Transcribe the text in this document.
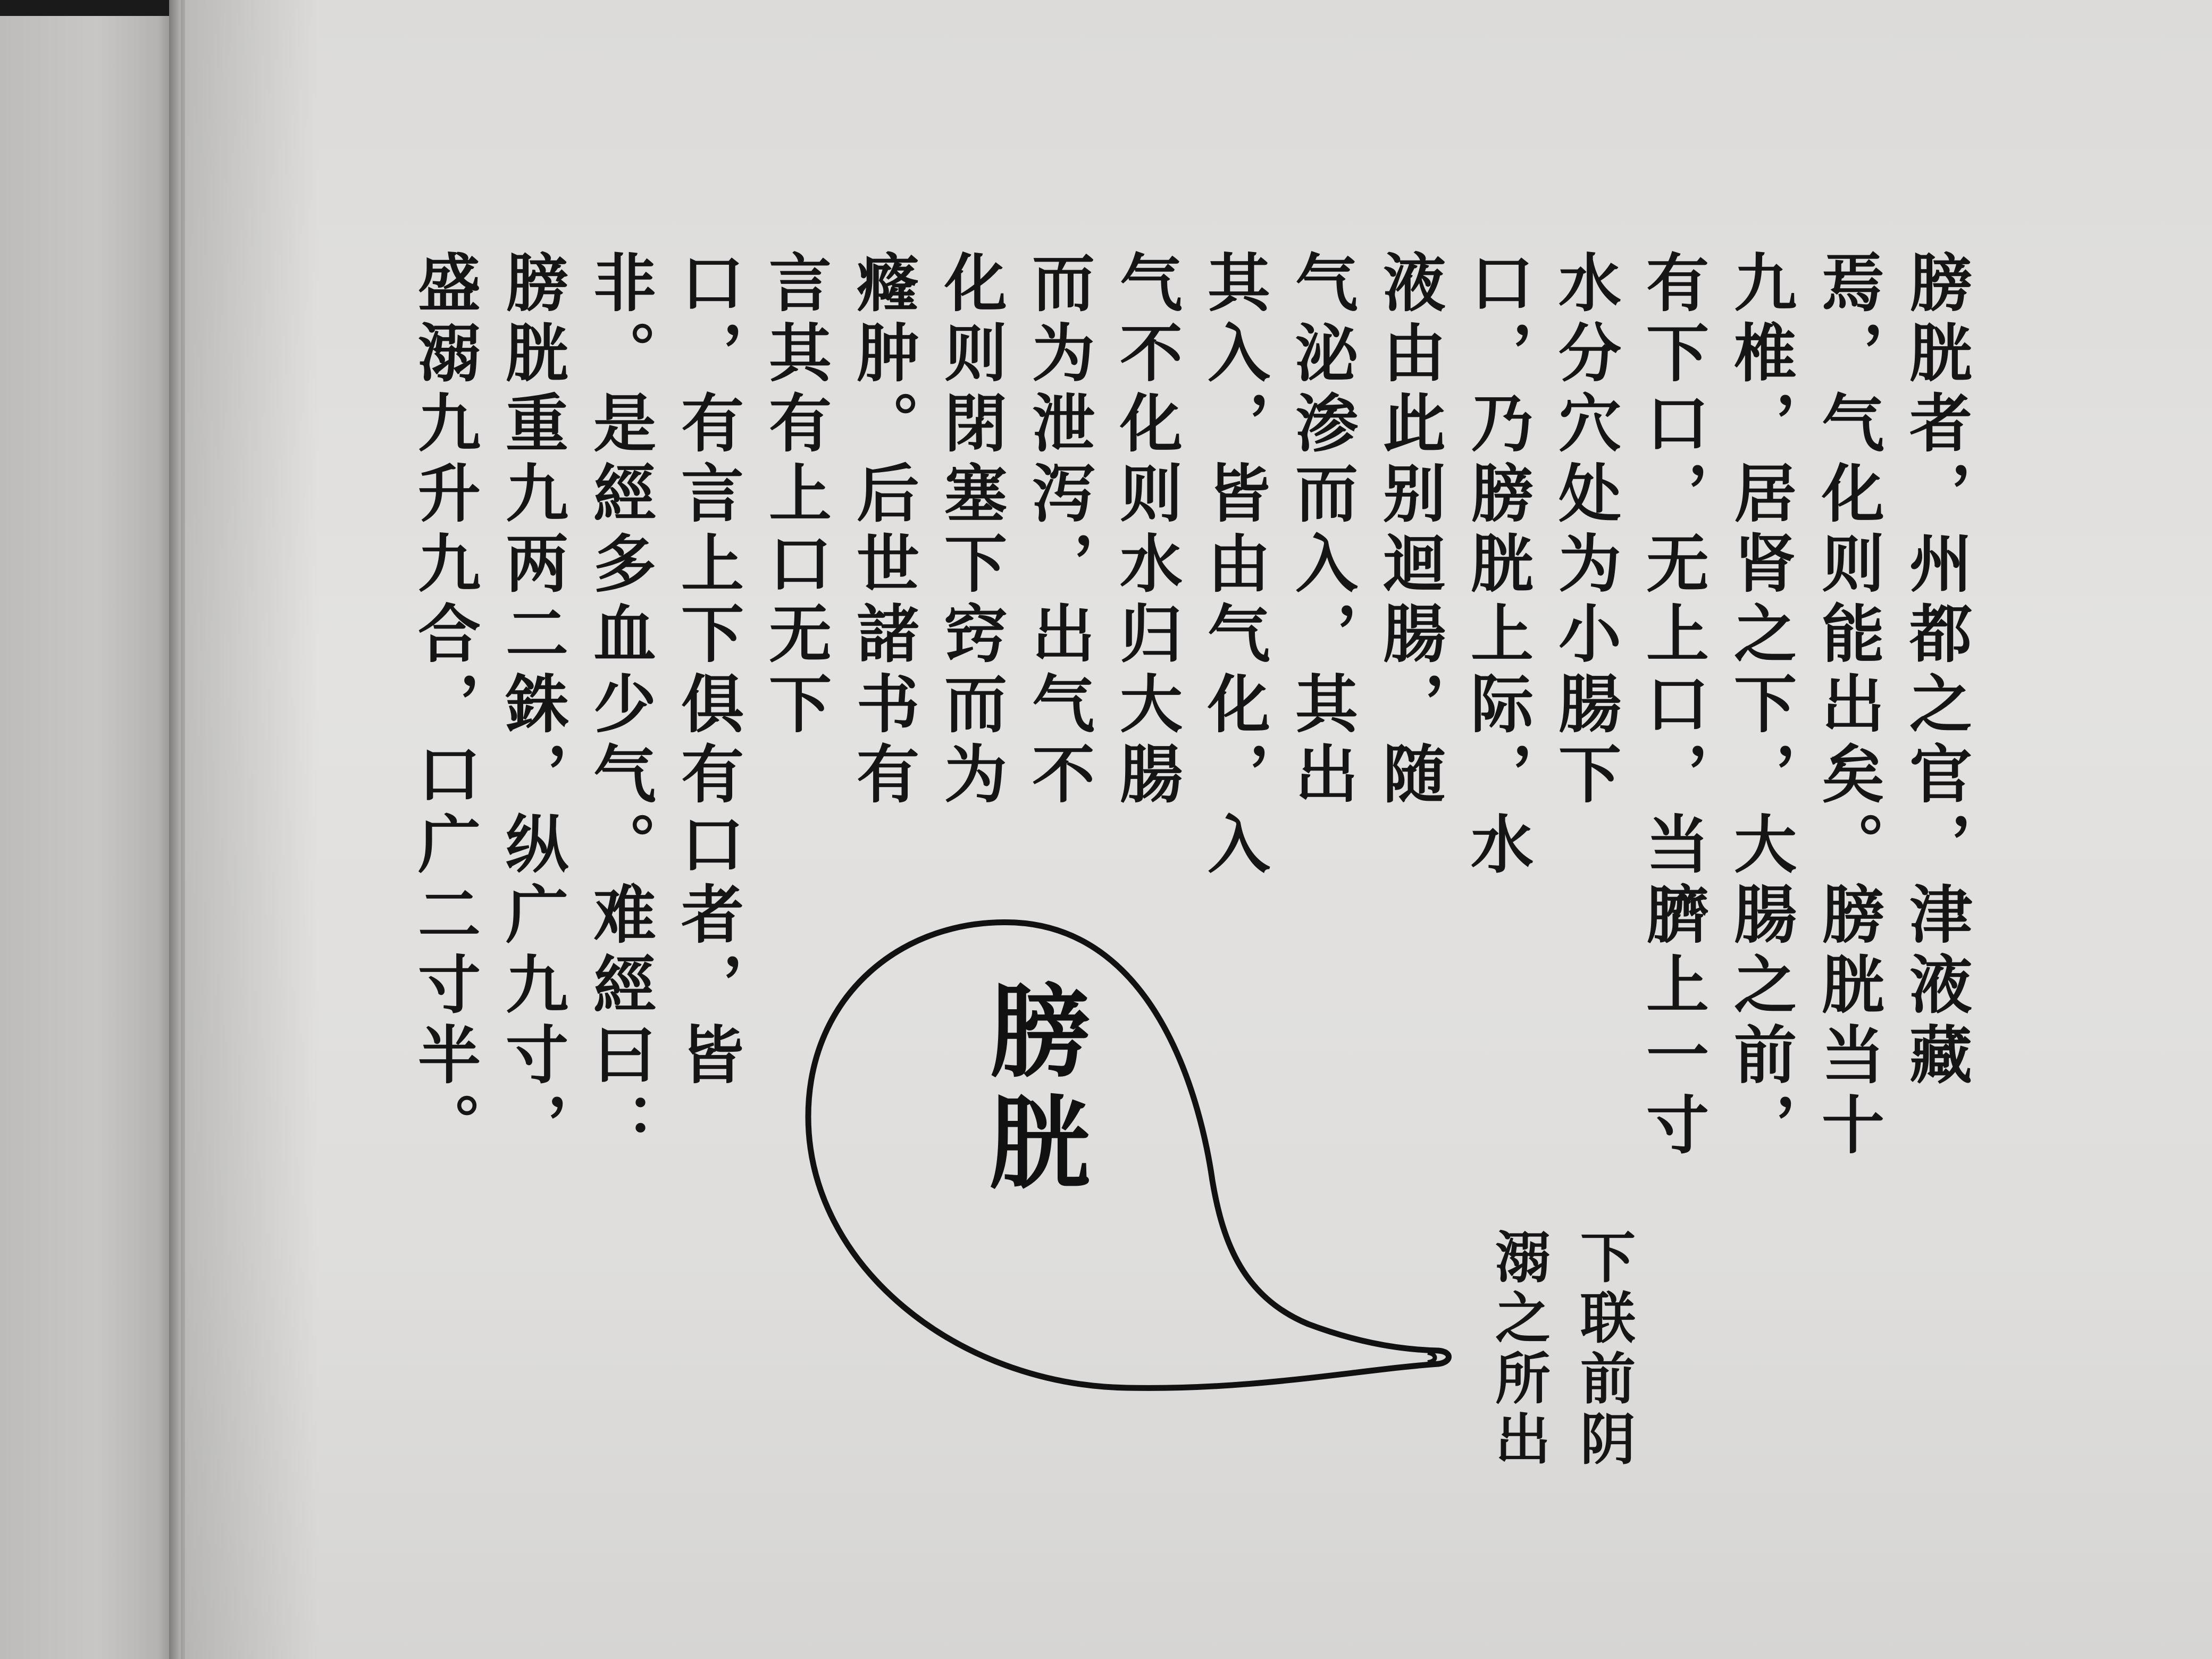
膀胱者，州都之官，津液藏
焉，气化则能出矣。膀胱当十
九椎，居肾之下，大腸之前，
有下口，无上口，当臍上一寸
水分穴处为小腸下
口，乃膀胱上际，水
液由此别迴腸，随
气泌渗而入，其出
其入，皆由气化，入
气不化则水归大腸
而为泄泻，出气不
化则閉塞下窍而为
癃肿。后世諸书有
言其有上口无下
口，有言上下俱有口者，皆
非。是經多血少气。难經曰：
膀胱重九两二銖，纵广九寸，
盛溺九升九合，口广二寸半。	膀胱
下联前阴
溺之所出
